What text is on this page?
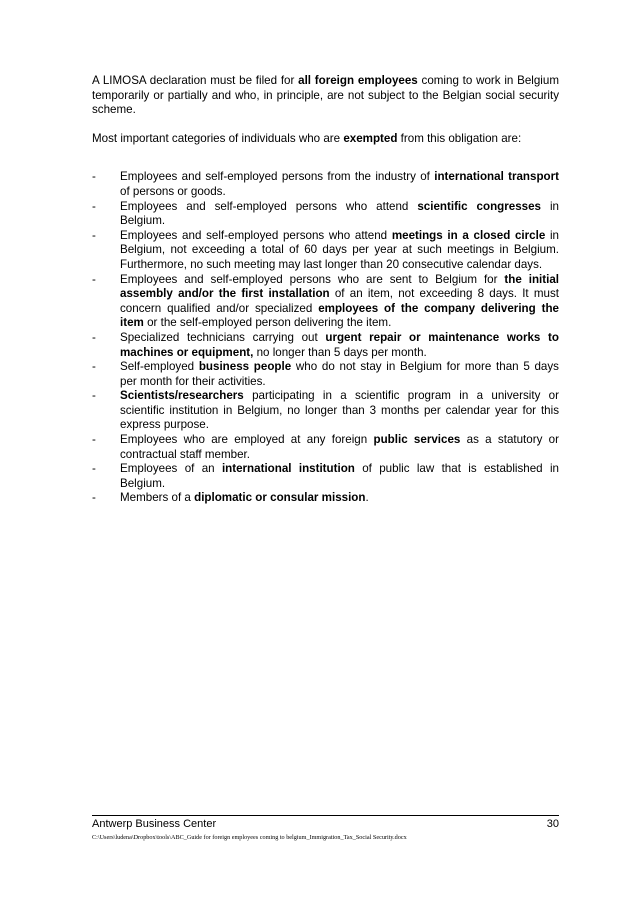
A LIMOSA declaration must be filed for all foreign employees coming to work in Belgium temporarily or partially and who, in principle, are not subject to the Belgian social security scheme.

Most important categories of individuals who are exempted from this obligation are:

- Employees and self-employed persons from the industry of international transport of persons or goods.
- Employees and self-employed persons who attend scientific congresses in Belgium.
- Employees and self-employed persons who attend meetings in a closed circle in Belgium, not exceeding a total of 60 days per year at such meetings in Belgium. Furthermore, no such meeting may last longer than 20 consecutive calendar days.
- Employees and self-employed persons who are sent to Belgium for the initial assembly and/or the first installation of an item, not exceeding 8 days. It must concern qualified and/or specialized employees of the company delivering the item or the self-employed person delivering the item.
- Specialized technicians carrying out urgent repair or maintenance works to machines or equipment, no longer than 5 days per month.
- Self-employed business people who do not stay in Belgium for more than 5 days per month for their activities.
- Scientists/researchers participating in a scientific program in a university or scientific institution in Belgium, no longer than 3 months per calendar year for this express purpose.
- Employees who are employed at any foreign public services as a statutory or contractual staff member.
- Employees of an international institution of public law that is established in Belgium.
- Members of a diplomatic or consular mission.
Antwerp Business Center	30
C:\Users\ludena\Dropbox\tools\ABC_Guide for foreign employees coming to belgium_Immigration_Tax_Social Security.docx
